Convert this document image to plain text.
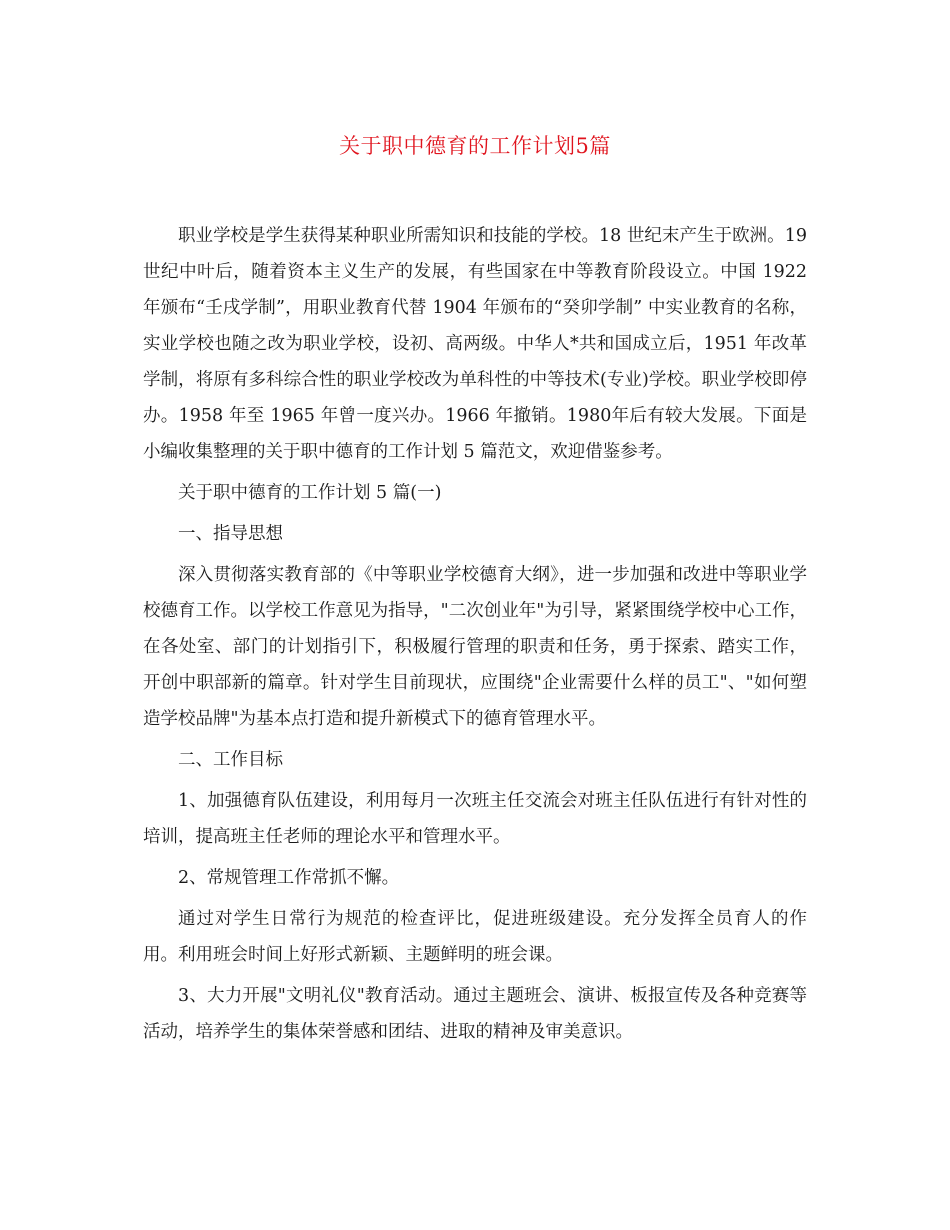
关于职中德育的工作计划5篇

职业学校是学生获得某种职业所需知识和技能的学校。18 世纪末产生于欧洲。19 世纪中叶后，随着资本主义生产的发展，有些国家在中等教育阶段设立。中国 1922 年颁布“壬戌学制”，用职业教育代替 1904 年颁布的“癸卯学制” 中实业教育的名称，实业学校也随之改为职业学校，设初、高两级。中华人*共和国成立后，1951 年改革学制，将原有多科综合性的职业学校改为单科性的中等技术(专业)学校。职业学校即停办。1958 年至 1965 年曾一度兴办。1966 年撤销。1980年后有较大发展。下面是小编收集整理的关于职中德育的工作计划 5 篇范文，欢迎借鉴参考。

关于职中德育的工作计划 5 篇(一)

一、指导思想

深入贯彻落实教育部的《中等职业学校德育大纲》，进一步加强和改进中等职业学校德育工作。以学校工作意见为指导，"二次创业年"为引导，紧紧围绕学校中心工作，在各处室、部门的计划指引下，积极履行管理的职责和任务，勇于探索、踏实工作，开创中职部新的篇章。针对学生目前现状，应围绕"企业需要什么样的员工"、"如何塑造学校品牌"为基本点打造和提升新模式下的德育管理水平。

二、工作目标

1、加强德育队伍建设，利用每月一次班主任交流会对班主任队伍进行有针对性的培训，提高班主任老师的理论水平和管理水平。

2、常规管理工作常抓不懈。

通过对学生日常行为规范的检查评比，促进班级建设。充分发挥全员育人的作用。利用班会时间上好形式新颖、主题鲜明的班会课。

3、大力开展"文明礼仪"教育活动。通过主题班会、演讲、板报宣传及各种竞赛等活动，培养学生的集体荣誉感和团结、进取的精神及审美意识。
